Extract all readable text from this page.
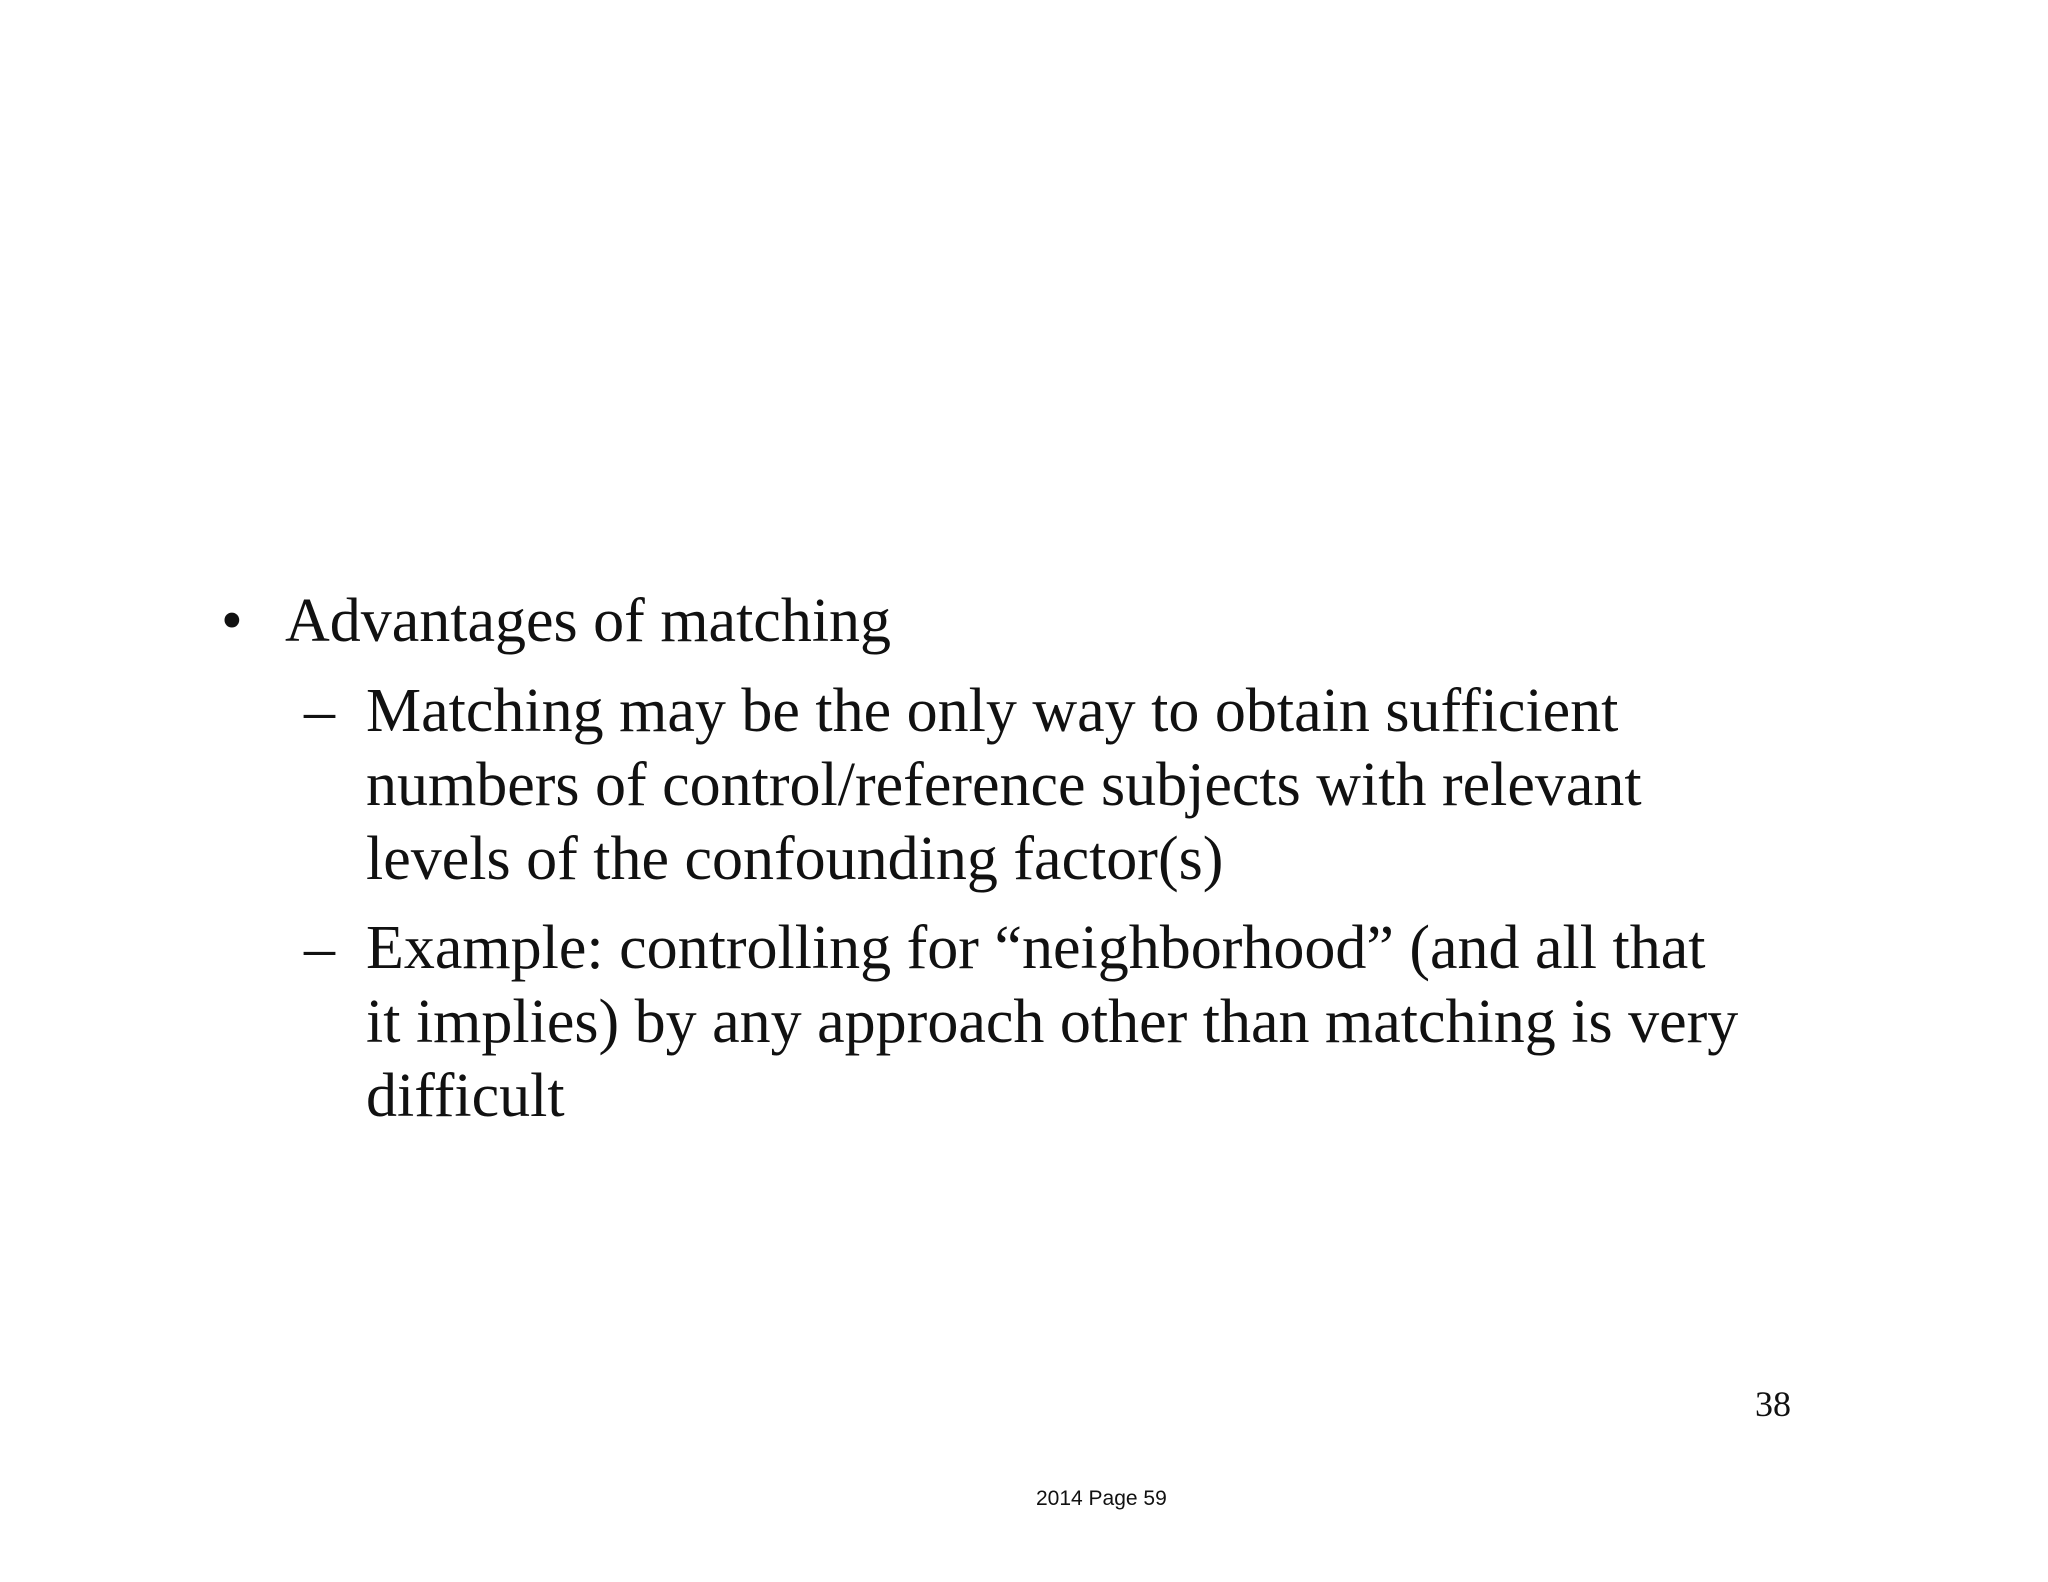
• Advantages of matching
– Matching may be the only way to obtain sufficient
numbers of control/reference subjects with relevant
levels of the confounding factor(s)
– Example: controlling for “neighborhood” (and all that
it implies) by any approach other than matching is very
difficult
38
2014 Page 59
